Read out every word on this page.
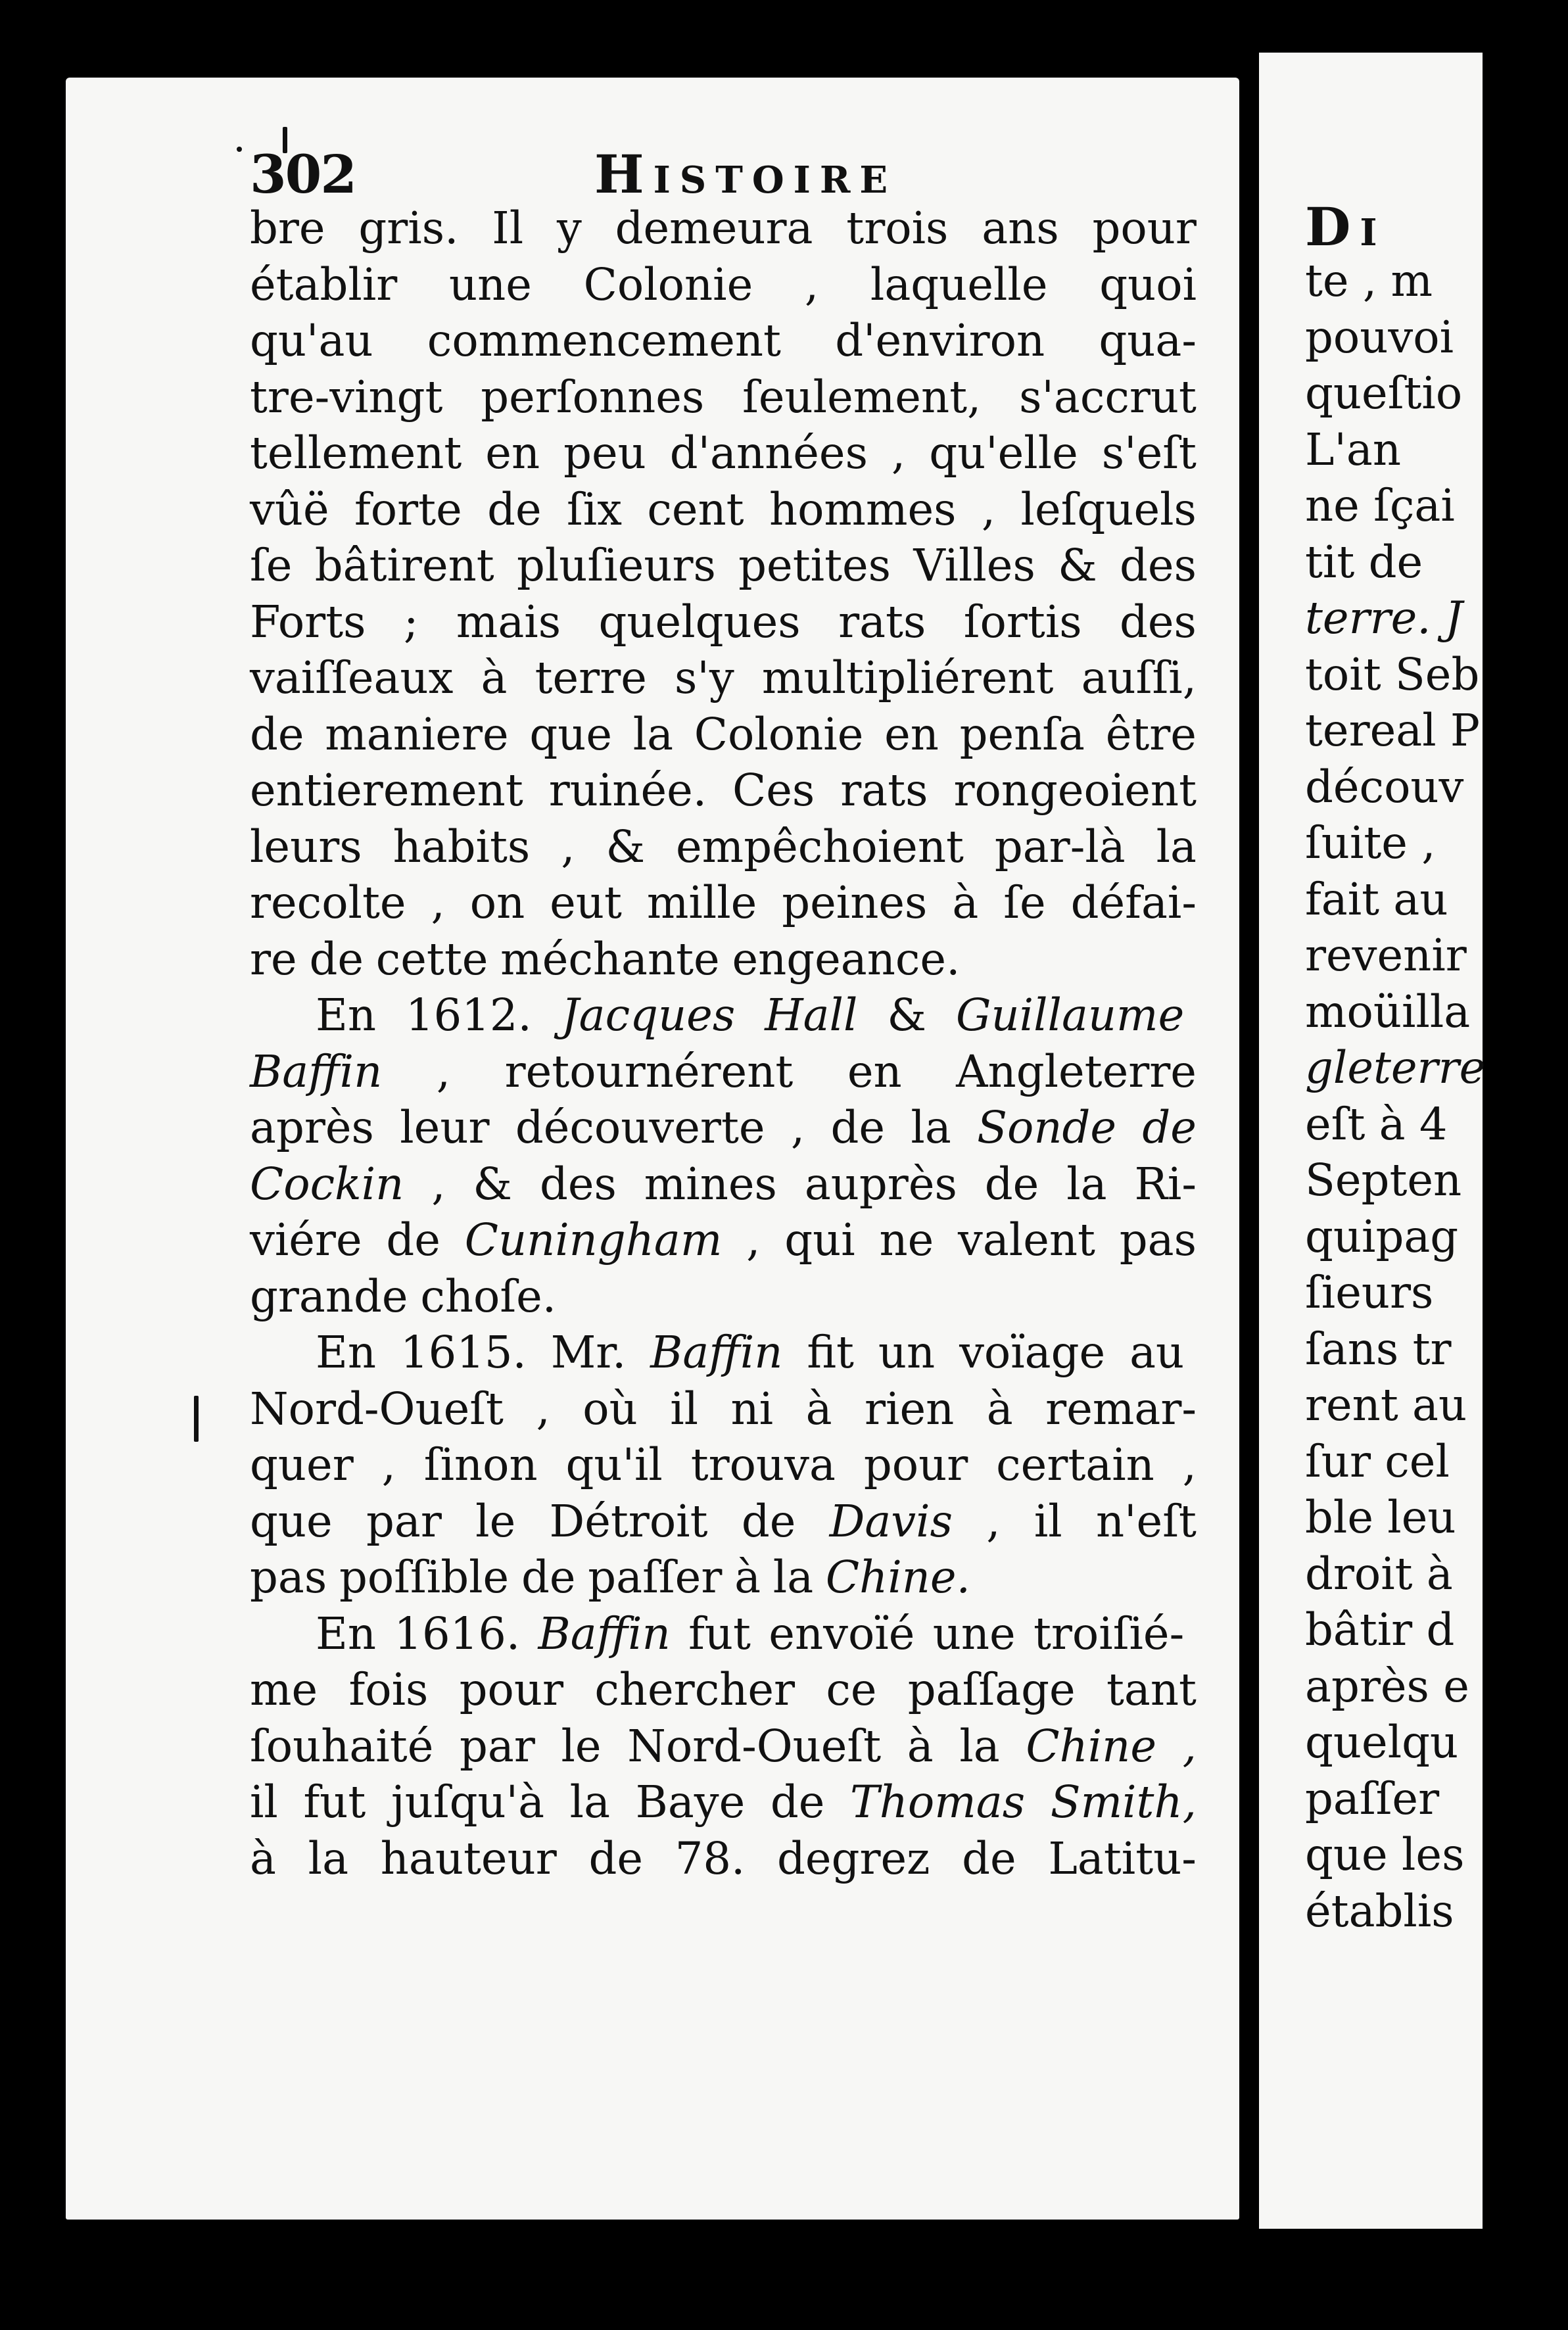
302	Histoire
bre gris. Il y demeura trois ans pour
établir une Colonie , laquelle quoi
qu'au commencement d'environ qua-
tre-vingt perſonnes ſeulement, s'accrut
tellement en peu d'années , qu'elle s'eſt
vûë forte de ſix cent hommes , leſquels
ſe bâtirent pluſieurs petites Villes & des
Forts ; mais quelques rats ſortis des
vaiſſeaux à terre s'y multipliérent auſſi,
de maniere que la Colonie en penſa être
entierement ruinée. Ces rats rongeoient
leurs habits , & empêchoient par-là la
recolte , on eut mille peines à ſe défai-
re de cette méchante engeance.
En 1612. Jacques Hall & Guillaume
Baffin , retournérent en Angleterre
après leur découverte , de la Sonde de
Cockin , & des mines auprès de la Ri-
viére de Cuningham , qui ne valent pas
grande choſe.
En 1615. Mr. Baffin fit un voïage au
Nord-Oueſt , où il ni à rien à remar-
quer , ſinon qu'il trouva pour certain ,
que par le Détroit de Davis , il n'eſt
pas poſſible de paſſer à la Chine.
En 1616. Baffin fut envoïé une troiſié-
me fois pour chercher ce paſſage tant
ſouhaité par le Nord-Oueſt à la Chine ,
il fut juſqu'à la Baye de Thomas Smith,
à la hauteur de 78. degrez de Latitu-
Dı
te , m
pouvoi
queſtio
L'an
ne ſçai
tit de
terre. J
toit Seb
tereal P
découv
ſuite ,
fait au
revenir
moüilla
gleterre
eſt à 4
Septen
quipag
ſieurs
ſans tr
rent au
ſur cel
ble leu
droit à
bâtir d
après e
quelqu
paſſer
que les
établis
